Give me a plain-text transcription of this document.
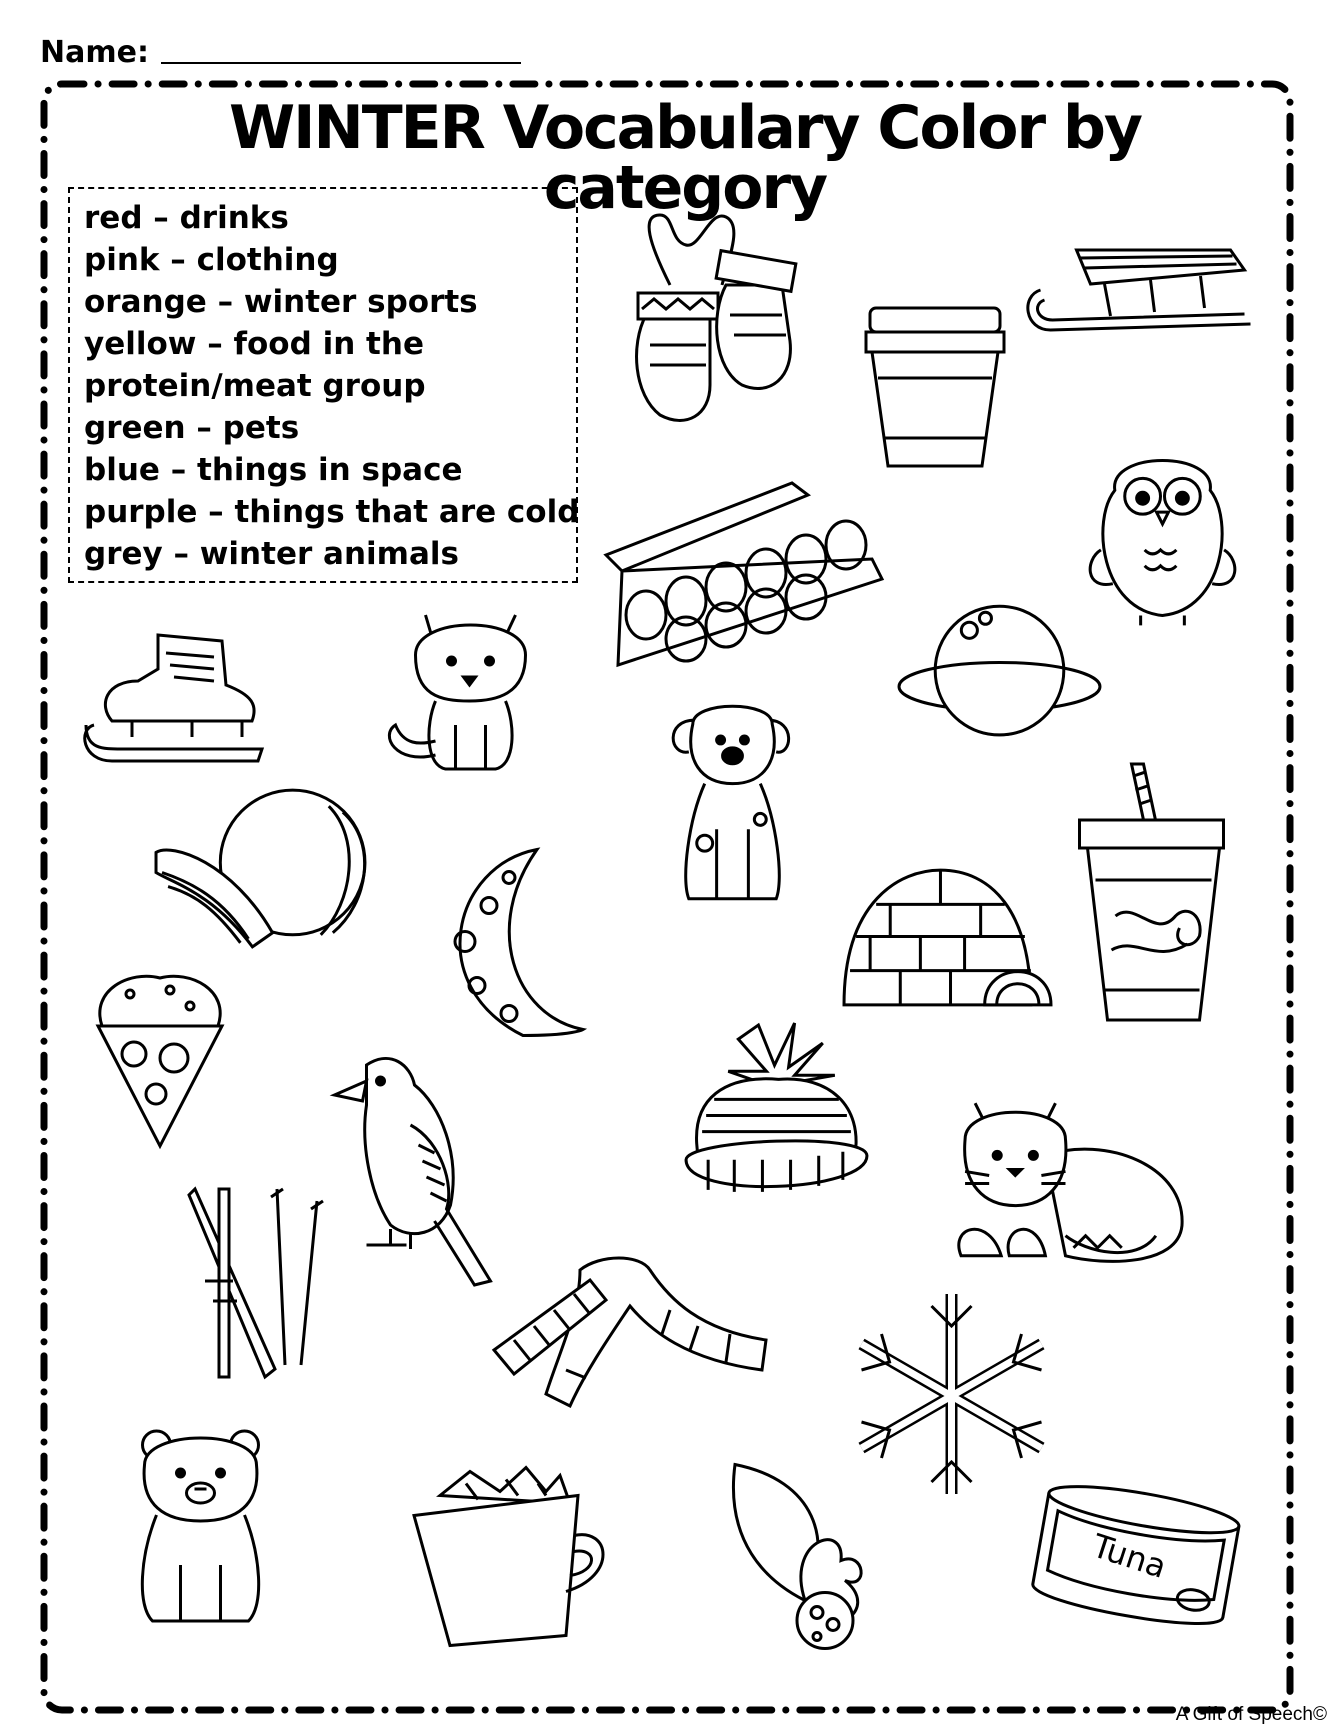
Name:
WINTER Vocabulary Color by category
red – drinks
pink – clothing
orange – winter sports
yellow – food in the
protein/meat group
green – pets
blue – things in space
purple – things that are cold
grey – winter animals
Tuna
A Gift of Speech©
